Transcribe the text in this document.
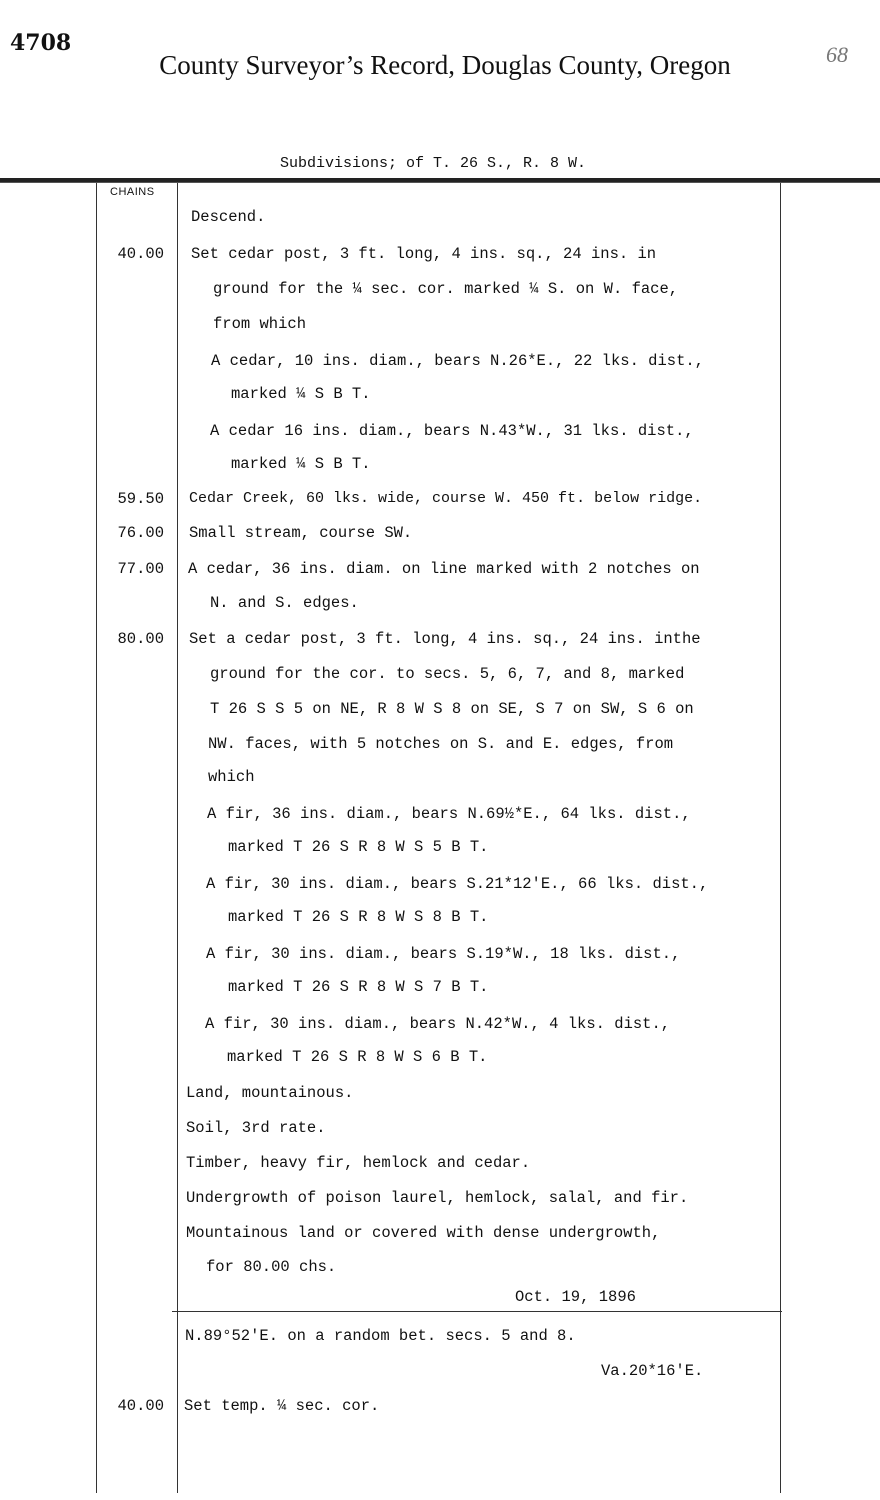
4708
County Surveyor’s Record, Douglas County, Oregon	68
Subdivisions; of T. 26 S., R. 8 W.
CHAINS
Descend.
40.00 Set cedar post, 3 ft. long, 4 ins. sq., 24 ins. in
ground for the ¼ sec. cor. marked ¼ S. on W. face,
from which
A cedar, 10 ins. diam., bears N.26*E., 22 lks. dist.,
marked ¼ S B T.
A cedar 16 ins. diam., bears N.43*W., 31 lks. dist.,
marked ¼ S B T.
59.50 Cedar Creek, 60 lks. wide, course W. 450 ft. below ridge.
76.00 Small stream, course SW.
77.00 A cedar, 36 ins. diam. on line marked with 2 notches on
N. and S. edges.
80.00 Set a cedar post, 3 ft. long, 4 ins. sq., 24 ins. inthe
ground for the cor. to secs. 5, 6, 7, and 8, marked
T 26 S S 5 on NE, R 8 W S 8 on SE, S 7 on SW, S 6 on
NW. faces, with 5 notches on S. and E. edges, from
which
A fir, 36 ins. diam., bears N.69½*E., 64 lks. dist.,
marked T 26 S R 8 W S 5 B T.
A fir, 30 ins. diam., bears S.21*12'E., 66 lks. dist.,
marked T 26 S R 8 W S 8 B T.
A fir, 30 ins. diam., bears S.19*W., 18 lks. dist.,
marked T 26 S R 8 W S 7 B T.
A fir, 30 ins. diam., bears N.42*W., 4 lks. dist.,
marked T 26 S R 8 W S 6 B T.
Land, mountainous.
Soil, 3rd rate.
Timber, heavy fir, hemlock and cedar.
Undergrowth of poison laurel, hemlock, salal, and fir.
Mountainous land or covered with dense undergrowth,
for 80.00 chs.
Oct. 19, 1896
N.89°52'E. on a random bet. secs. 5 and 8.
Va.20*16'E.
40.00 Set temp. ¼ sec. cor.
